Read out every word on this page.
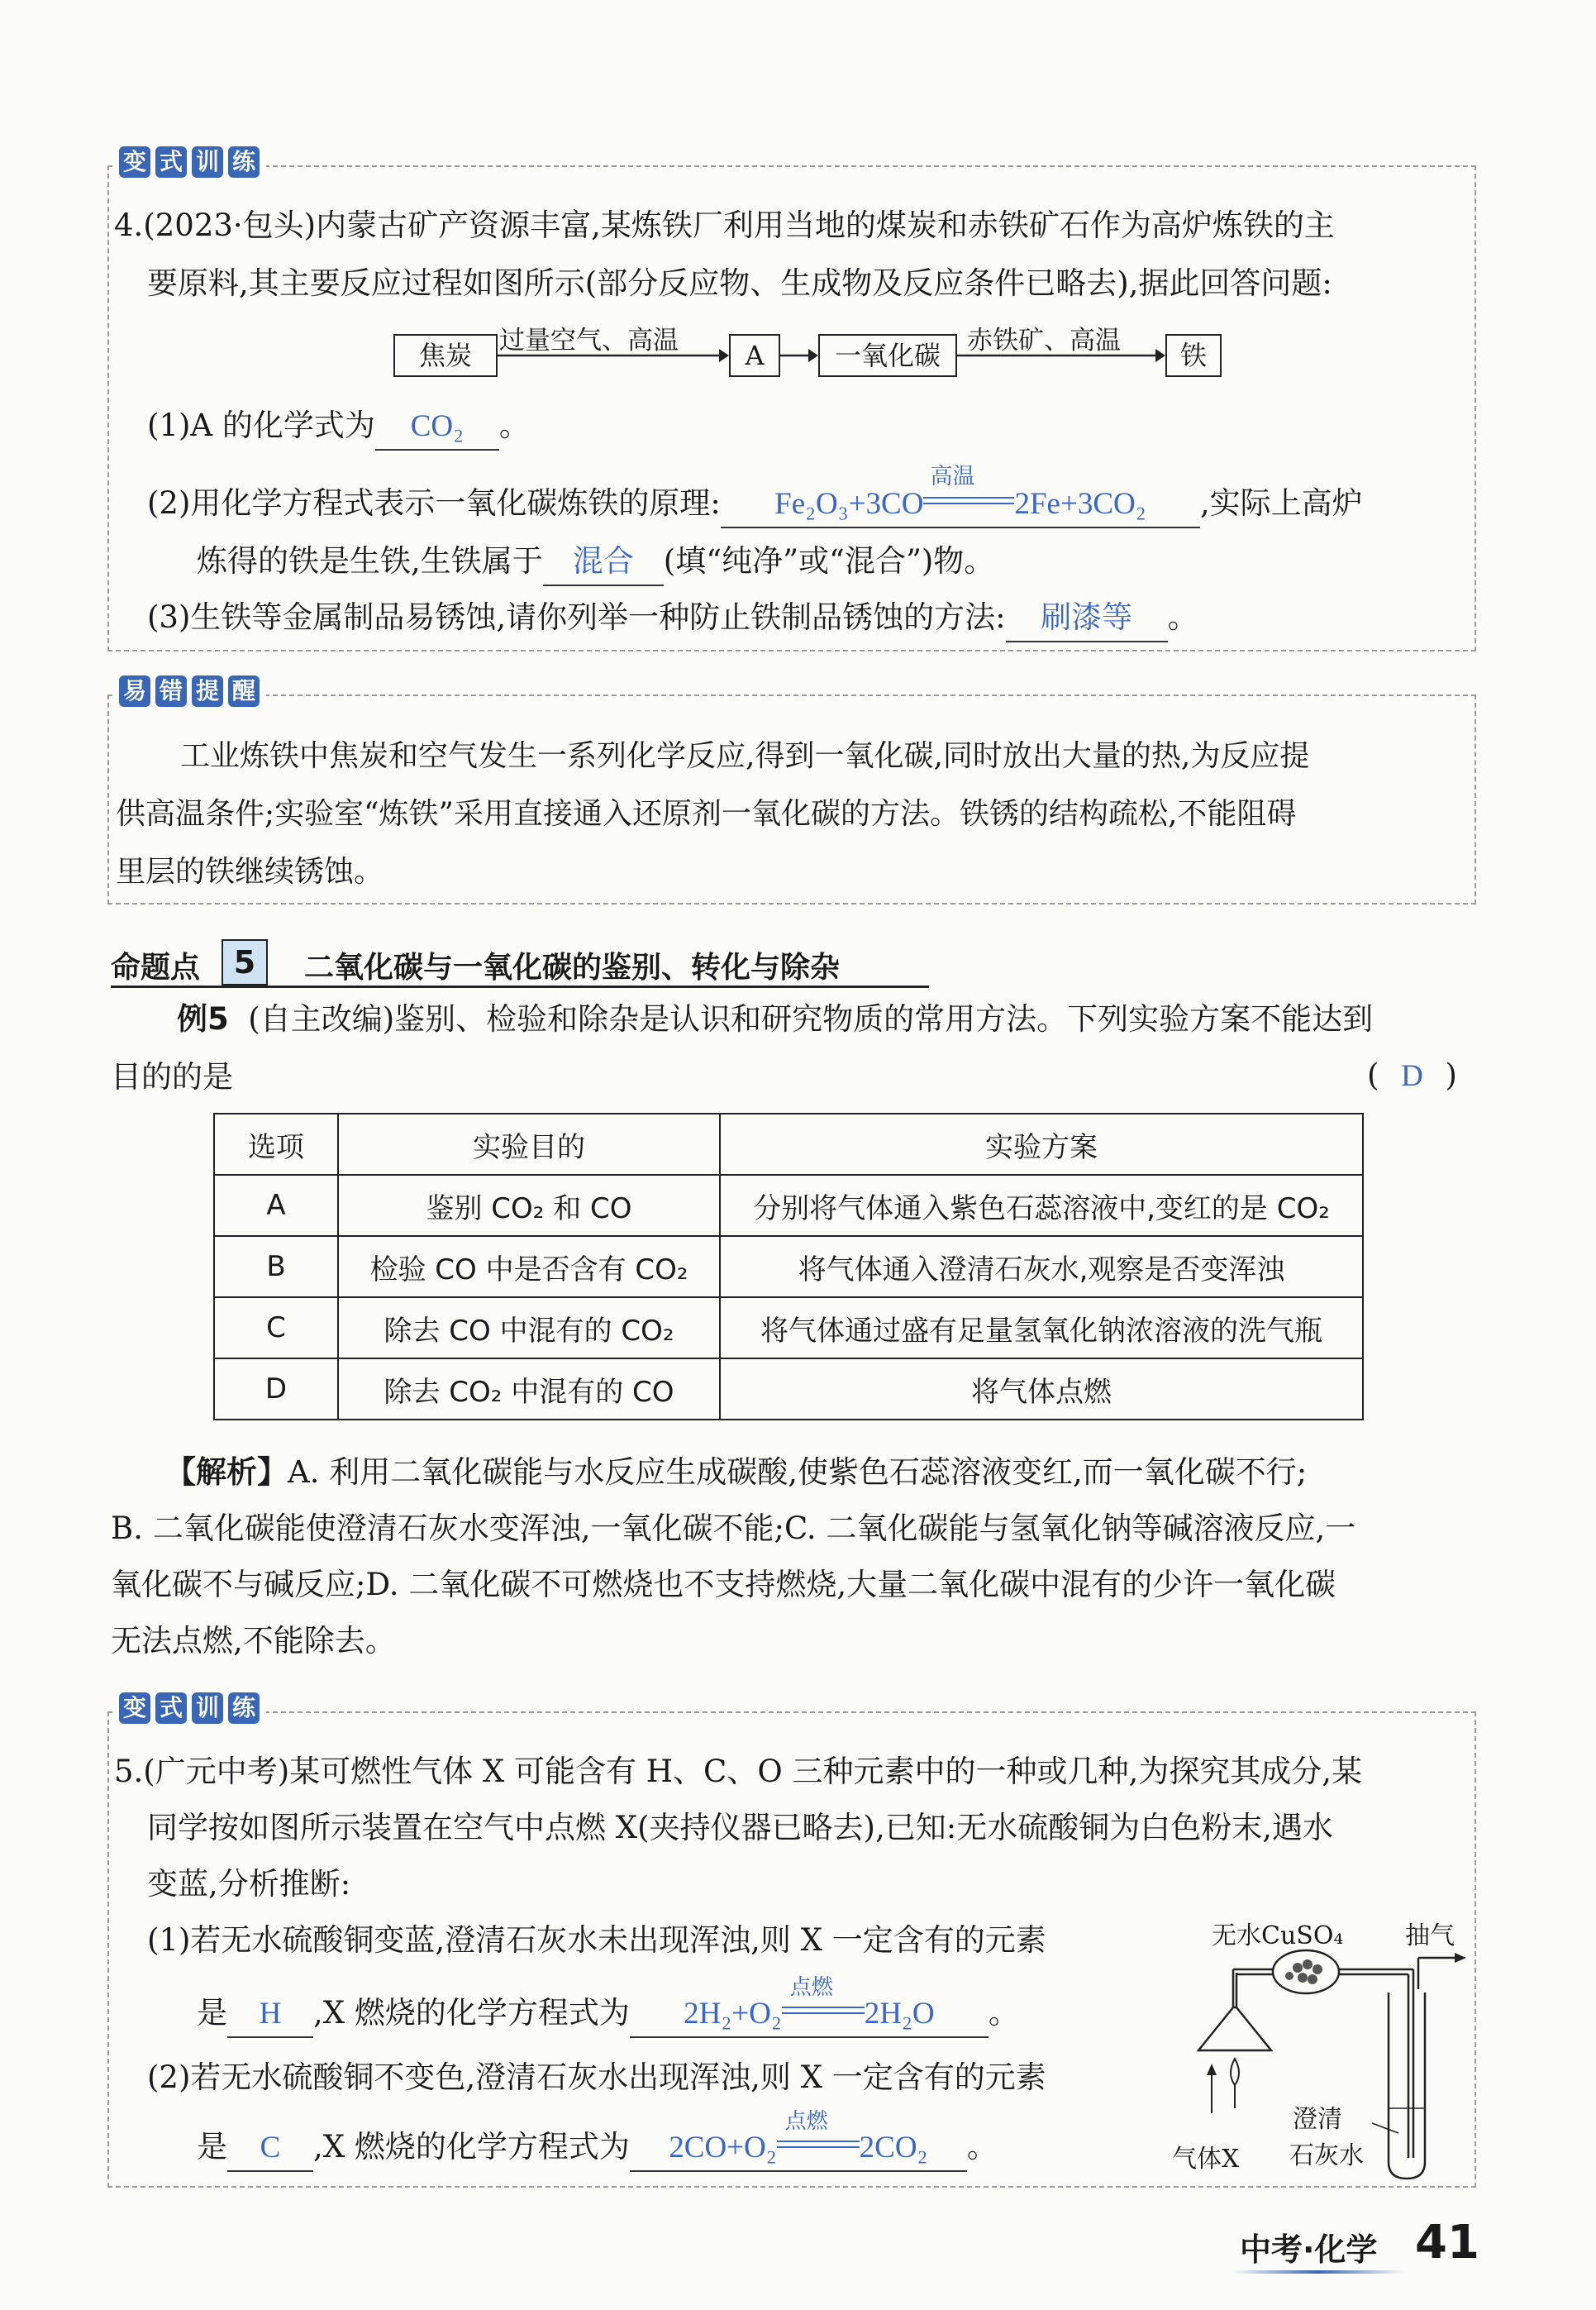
变 式 训 练
4.(2023·包头)内蒙古矿产资源丰富,某炼铁厂利用当地的煤炭和赤铁矿石作为高炉炼铁的主
要原料,其主要反应过程如图所示(部分反应物、生成物及反应条件已略去),据此回答问题:
焦炭	过量空气、高温	A	一氧化碳	赤铁矿、高温	铁
(1)A 的化学式为 CO₂ 。
(2)用化学方程式表示一氧化碳炼铁的原理: Fe₂O₃+3CO
高温
2Fe+3CO₂ ,实际上高炉
炼得的铁是生铁,生铁属于 混合 (填“纯净”或“混合”)物。
(3)生铁等金属制品易锈蚀,请你列举一种防止铁制品锈蚀的方法: 刷漆等 。
易 错 提 醒
工业炼铁中焦炭和空气发生一系列化学反应,得到一氧化碳,同时放出大量的热,为反应提
供高温条件;实验室“炼铁”采用直接通入还原剂一氧化碳的方法。铁锈的结构疏松,不能阻碍
里层的铁继续锈蚀。
命题点	5	二氧化碳与一氧化碳的鉴别、转化与除杂
例5 (自主改编)鉴别、检验和除杂是认识和研究物质的常用方法。下列实验方案不能达到
目的的是	( D )
选项	实验目的	实验方案
A	鉴别 CO₂ 和 CO	分别将气体通入紫色石蕊溶液中,变红的是 CO₂
B	检验 CO 中是否含有 CO₂	将气体通入澄清石灰水,观察是否变浑浊
C	除去 CO 中混有的 CO₂	将气体通过盛有足量氢氧化钠浓溶液的洗气瓶
D	除去 CO₂ 中混有的 CO	将气体点燃
【解析】A. 利用二氧化碳能与水反应生成碳酸,使紫色石蕊溶液变红,而一氧化碳不行;
B. 二氧化碳能使澄清石灰水变浑浊,一氧化碳不能;C. 二氧化碳能与氢氧化钠等碱溶液反应,一
氧化碳不与碱反应;D. 二氧化碳不可燃烧也不支持燃烧,大量二氧化碳中混有的少许一氧化碳
无法点燃,不能除去。
变 式 训 练
5.(广元中考)某可燃性气体 X 可能含有 H、C、O 三种元素中的一种或几种,为探究其成分,某
同学按如图所示装置在空气中点燃 X(夹持仪器已略去),已知:无水硫酸铜为白色粉末,遇水
变蓝,分析推断:
(1)若无水硫酸铜变蓝,澄清石灰水未出现浑浊,则 X 一定含有的元素
是 H ,X 燃烧的化学方程式为 2H₂+O₂
点燃
2H₂O 。
(2)若无水硫酸铜不变色,澄清石灰水出现浑浊,则 X 一定含有的元素
是 C ,X 燃烧的化学方程式为 2CO+O₂
点燃
2CO₂ 。
无水CuSO₄ 抽气
澄清
石灰水
气体X
中考·化学 41
